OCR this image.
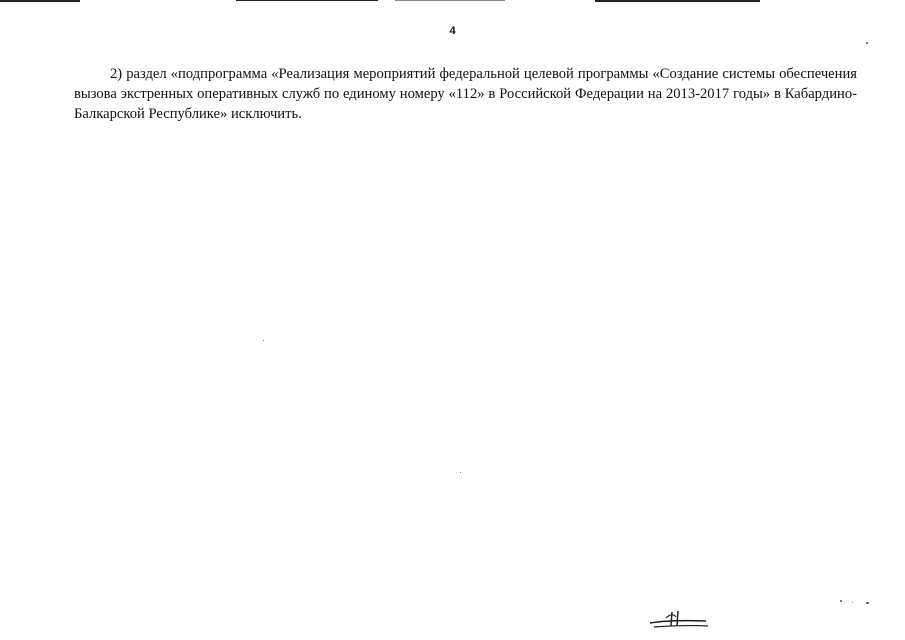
4

2) раздел «подпрограмма «Реализация мероприятий федеральной целевой программы «Создание системы обеспечения вызова экстренных оперативных служб по единому номеру «112» в Российской Федерации на 2013-2017 годы» в Кабардино-Балкарской Республике» исключить.
